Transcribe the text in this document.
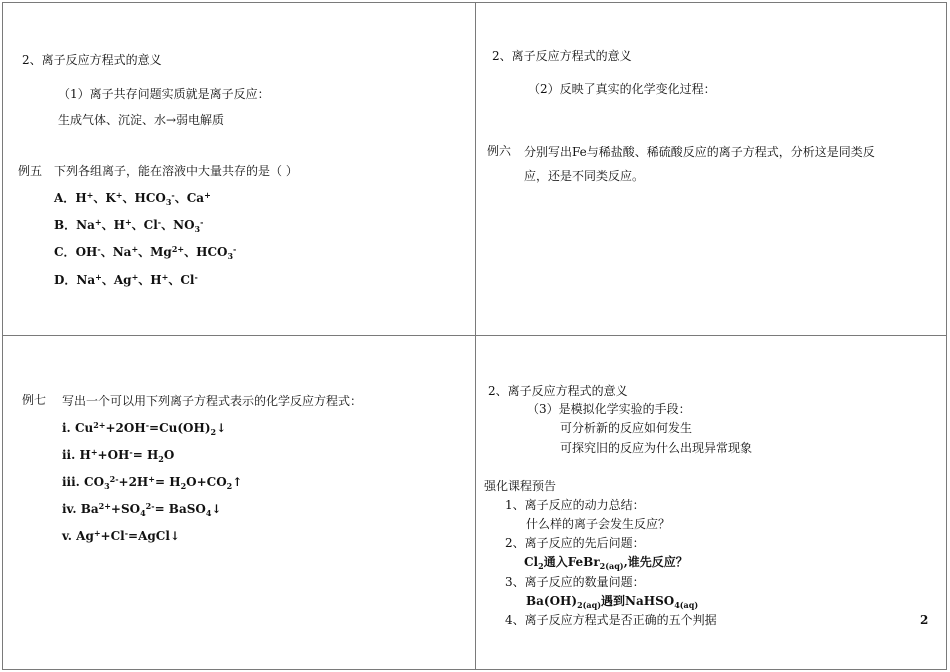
2、离子反应方程式的意义
（1）离子共存问题实质就是离子反应：
生成气体、沉淀、水→弱电解质
例五 下列各组离子，能在溶液中大量共存的是（ ）
A．H+、K+、$HCO_3^-$、Ca+
B．Na+、H+、Cl-、$NO_3^-$
C．OH-、Na+、$Mg^{2+}$、$HCO_3^-$
D．Na+、Ag+、H+、Cl-
2、离子反应方程式的意义
（2）反映了真实的化学变化过程：
例六 分别写出Fe与稀盐酸、稀硫酸反应的离子方程式，分析这是同类反
应，还是不同类反应。
例七 写出一个可以用下列离子方程式表示的化学反应方程式：
i. $Cu^{2+}+2OH^-=Cu(OH)_2↓$
ii. $H^++OH^-= H_2O$
iii. $CO_3^{2-}+2H^+=$ $H_2O+CO_2↑$
iv. $Ba^{2+}+SO_4^{2-}=$ BaSO$_4$↓
v. Ag++Cl-=AgCl↓
2、离子反应方程式的意义
（3）是模拟化学实验的手段：
可分析新的反应如何发生
可探究旧的反应为什么出现异常现象
强化课程预告
1、离子反应的动力总结：
什么样的离子会发生反应？
2、离子反应的先后问题：
$Cl_2$通入FeBr$_{2(aq)}$,谁先反应？
3、离子反应的数量问题：
$Ba(OH)_{2(aq)}$遇到NaHSO$_{4(aq)}$
4、离子反应方程式是否正确的五个判据	2
